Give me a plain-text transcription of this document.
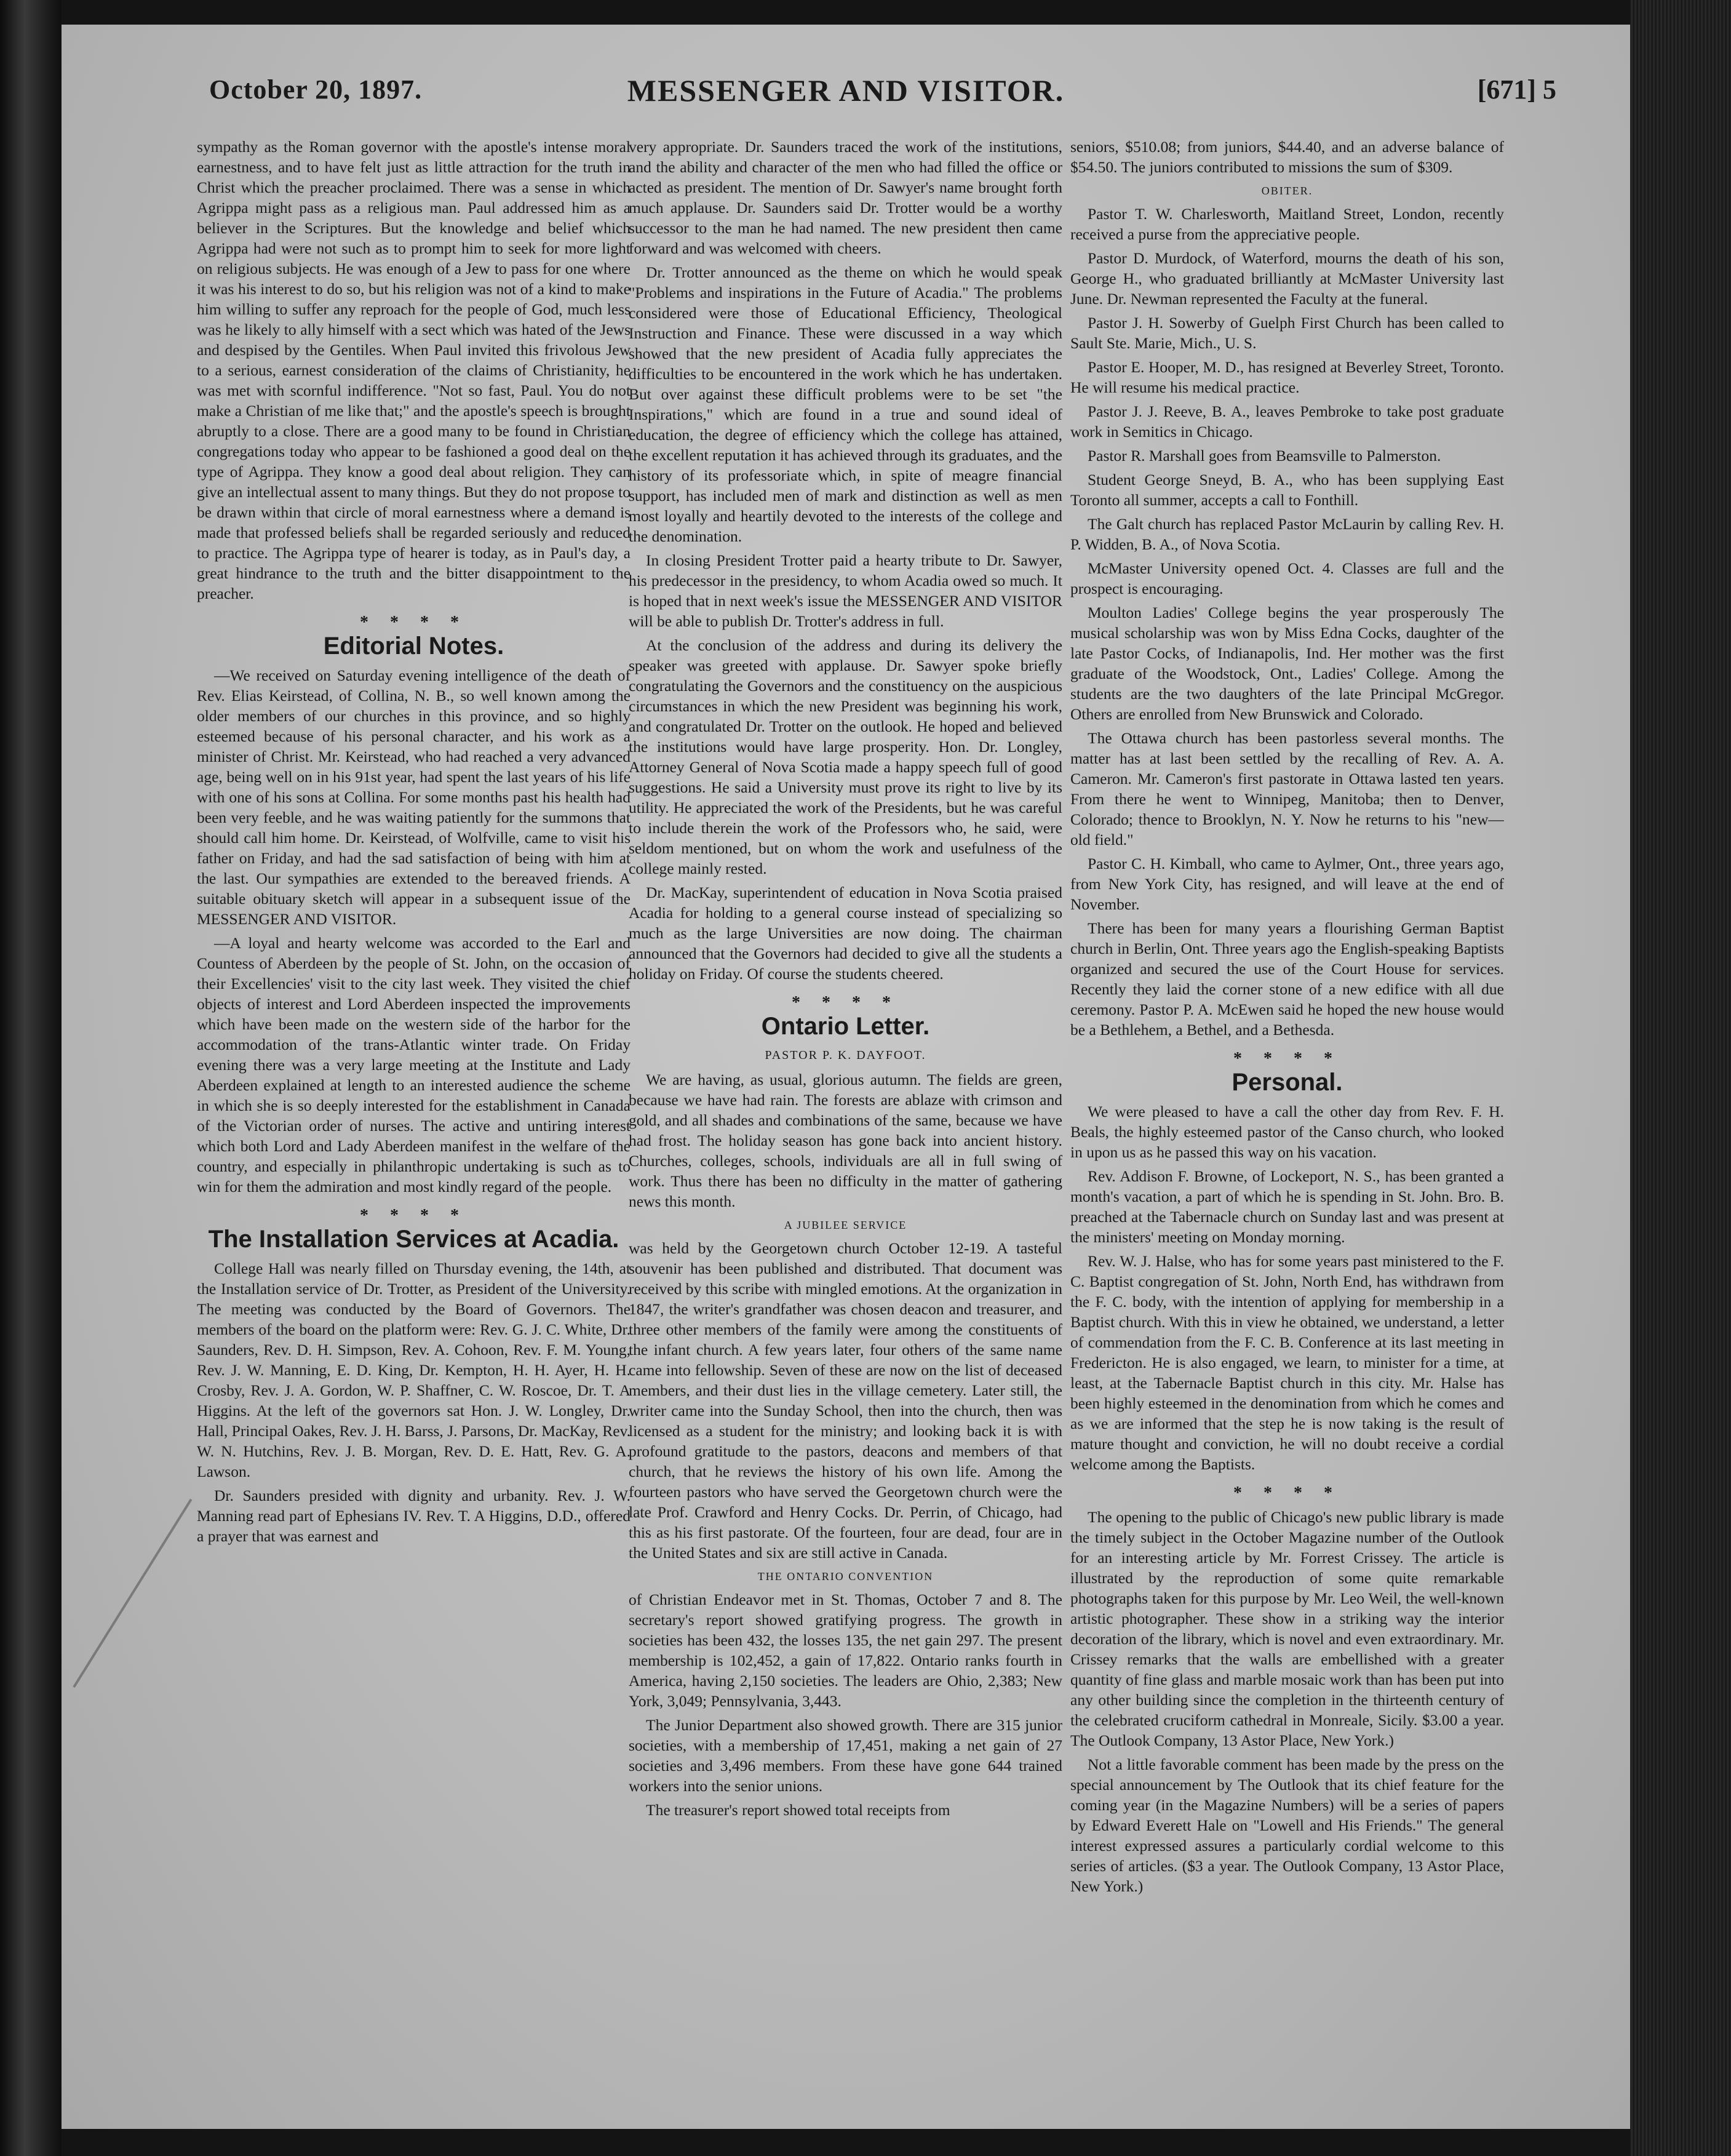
October 20, 1897.	MESSENGER AND VISITOR.	[671] 5

sympathy as the Roman governor with the apostle's intense moral earnestness, and to have felt just as little attraction for the truth in Christ which the preacher proclaimed. There was a sense in which Agrippa might pass as a religious man. Paul addressed him as a believer in the Scriptures. But the knowledge and belief which Agrippa had were not such as to prompt him to seek for more light on religious subjects. He was enough of a Jew to pass for one where it was his interest to do so, but his religion was not of a kind to make him willing to suffer any reproach for the people of God, much less was he likely to ally himself with a sect which was hated of the Jews and despised by the Gentiles. When Paul invited this frivolous Jew to a serious, earnest consideration of the claims of Christianity, he was met with scornful indifference. "Not so fast, Paul. You do not make a Christian of me like that;" and the apostle's speech is brought abruptly to a close. There are a good many to be found in Christian congregations today who appear to be fashioned a good deal on the type of Agrippa. They know a good deal about religion. They can give an intellectual assent to many things. But they do not propose to be drawn within that circle of moral earnestness where a demand is made that professed beliefs shall be regarded seriously and reduced to practice. The Agrippa type of hearer is today, as in Paul's day, a great hindrance to the truth and the bitter disappointment to the preacher.

* * * *
Editorial Notes.

—We received on Saturday evening intelligence of the death of Rev. Elias Keirstead, of Collina, N. B., so well known among the older members of our churches in this province, and so highly esteemed because of his personal character, and his work as a minister of Christ. Mr. Keirstead, who had reached a very advanced age, being well on in his 91st year, had spent the last years of his life with one of his sons at Collina. For some months past his health had been very feeble, and he was waiting patiently for the summons that should call him home. Dr. Keirstead, of Wolfville, came to visit his father on Friday, and had the sad satisfaction of being with him at the last. Our sympathies are extended to the bereaved friends. A suitable obituary sketch will appear in a subsequent issue of the MESSENGER AND VISITOR.

—A loyal and hearty welcome was accorded to the Earl and Countess of Aberdeen by the people of St. John, on the occasion of their Excellencies' visit to the city last week. They visited the chief objects of interest and Lord Aberdeen inspected the improvements which have been made on the western side of the harbor for the accommodation of the trans-Atlantic winter trade. On Friday evening there was a very large meeting at the Institute and Lady Aberdeen explained at length to an interested audience the scheme in which she is so deeply interested for the establishment in Canada of the Victorian order of nurses. The active and untiring interest which both Lord and Lady Aberdeen manifest in the welfare of the country, and especially in philanthropic undertaking is such as to win for them the admiration and most kindly regard of the people.

* * * *
The Installation Services at Acadia.

College Hall was nearly filled on Thursday evening, the 14th, at the Installation service of Dr. Trotter, as President of the University. The meeting was conducted by the Board of Governors. The members of the board on the platform were: Rev. G. J. C. White, Dr. Saunders, Rev. D. H. Simpson, Rev. A. Cohoon, Rev. F. M. Young, Rev. J. W. Manning, E. D. King, Dr. Kempton, H. H. Ayer, H. H. Crosby, Rev. J. A. Gordon, W. P. Shaffner, C. W. Roscoe, Dr. T. A Higgins. At the left of the governors sat Hon. J. W. Longley, Dr. Hall, Principal Oakes, Rev. J. H. Barss, J. Parsons, Dr. MacKay, Rev. W. N. Hutchins, Rev. J. B. Morgan, Rev. D. E. Hatt, Rev. G. A. Lawson.

Dr. Saunders presided with dignity and urbanity. Rev. J. W. Manning read part of Ephesians IV. Rev. T. A Higgins, D.D., offered a prayer that was earnest and

very appropriate. Dr. Saunders traced the work of the institutions, and the ability and character of the men who had filled the office or acted as president. The mention of Dr. Sawyer's name brought forth much applause. Dr. Saunders said Dr. Trotter would be a worthy successor to the man he had named. The new president then came forward and was welcomed with cheers.

Dr. Trotter announced as the theme on which he would speak "Problems and inspirations in the Future of Acadia." The problems considered were those of Educational Efficiency, Theological Instruction and Finance. These were discussed in a way which showed that the new president of Acadia fully appreciates the difficulties to be encountered in the work which he has undertaken. But over against these difficult problems were to be set "the Inspirations," which are found in a true and sound ideal of education, the degree of efficiency which the college has attained, the excellent reputation it has achieved through its graduates, and the history of its professoriate which, in spite of meagre financial support, has included men of mark and distinction as well as men most loyally and heartily devoted to the interests of the college and the denomination.

In closing President Trotter paid a hearty tribute to Dr. Sawyer, his predecessor in the presidency, to whom Acadia owed so much. It is hoped that in next week's issue the MESSENGER AND VISITOR will be able to publish Dr. Trotter's address in full.

At the conclusion of the address and during its delivery the speaker was greeted with applause. Dr. Sawyer spoke briefly congratulating the Governors and the constituency on the auspicious circumstances in which the new President was beginning his work, and congratulated Dr. Trotter on the outlook. He hoped and believed the institutions would have large prosperity. Hon. Dr. Longley, Attorney General of Nova Scotia made a happy speech full of good suggestions. He said a University must prove its right to live by its utility. He appreciated the work of the Presidents, but he was careful to include therein the work of the Professors who, he said, were seldom mentioned, but on whom the work and usefulness of the college mainly rested.

Dr. MacKay, superintendent of education in Nova Scotia praised Acadia for holding to a general course instead of specializing so much as the large Universities are now doing. The chairman announced that the Governors had decided to give all the students a holiday on Friday. Of course the students cheered.

* * * *
Ontario Letter.
PASTOR P. K. DAYFOOT.

We are having, as usual, glorious autumn. The fields are green, because we have had rain. The forests are ablaze with crimson and gold, and all shades and combinations of the same, because we have had frost. The holiday season has gone back into ancient history. Churches, colleges, schools, individuals are all in full swing of work. Thus there has been no difficulty in the matter of gathering news this month.

A JUBILEE SERVICE

was held by the Georgetown church October 12-19. A tasteful souvenir has been published and distributed. That document was received by this scribe with mingled emotions. At the organization in 1847, the writer's grandfather was chosen deacon and treasurer, and three other members of the family were among the constituents of the infant church. A few years later, four others of the same name came into fellowship. Seven of these are now on the list of deceased members, and their dust lies in the village cemetery. Later still, the writer came into the Sunday School, then into the church, then was licensed as a student for the ministry; and looking back it is with profound gratitude to the pastors, deacons and members of that church, that he reviews the history of his own life. Among the fourteen pastors who have served the Georgetown church were the late Prof. Crawford and Henry Cocks. Dr. Perrin, of Chicago, had this as his first pastorate. Of the fourteen, four are dead, four are in the United States and six are still active in Canada.

THE ONTARIO CONVENTION

of Christian Endeavor met in St. Thomas, October 7 and 8. The secretary's report showed gratifying progress. The growth in societies has been 432, the losses 135, the net gain 297. The present membership is 102,452, a gain of 17,822. Ontario ranks fourth in America, having 2,150 societies. The leaders are Ohio, 2,383; New York, 3,049; Pennsylvania, 3,443.

The Junior Department also showed growth. There are 315 junior societies, with a membership of 17,451, making a net gain of 27 societies and 3,496 members. From these have gone 644 trained workers into the senior unions.

The treasurer's report showed total receipts from

seniors, $510.08; from juniors, $44.40, and an adverse balance of $54.50. The juniors contributed to missions the sum of $309.

OBITER.

Pastor T. W. Charlesworth, Maitland Street, London, recently received a purse from the appreciative people.

Pastor D. Murdock, of Waterford, mourns the death of his son, George H., who graduated brilliantly at McMaster University last June. Dr. Newman represented the Faculty at the funeral.

Pastor J. H. Sowerby of Guelph First Church has been called to Sault Ste. Marie, Mich., U. S.

Pastor E. Hooper, M. D., has resigned at Beverley Street, Toronto. He will resume his medical practice.

Pastor J. J. Reeve, B. A., leaves Pembroke to take post graduate work in Semitics in Chicago.

Pastor R. Marshall goes from Beamsville to Palmerston.

Student George Sneyd, B. A., who has been supplying East Toronto all summer, accepts a call to Fonthill.

The Galt church has replaced Pastor McLaurin by calling Rev. H. P. Widden, B. A., of Nova Scotia.

McMaster University opened Oct. 4. Classes are full and the prospect is encouraging.

Moulton Ladies' College begins the year prosperously The musical scholarship was won by Miss Edna Cocks, daughter of the late Pastor Cocks, of Indianapolis, Ind. Her mother was the first graduate of the Woodstock, Ont., Ladies' College. Among the students are the two daughters of the late Principal McGregor. Others are enrolled from New Brunswick and Colorado.

The Ottawa church has been pastorless several months. The matter has at last been settled by the recalling of Rev. A. A. Cameron. Mr. Cameron's first pastorate in Ottawa lasted ten years. From there he went to Winnipeg, Manitoba; then to Denver, Colorado; thence to Brooklyn, N. Y. Now he returns to his "new—old field."

Pastor C. H. Kimball, who came to Aylmer, Ont., three years ago, from New York City, has resigned, and will leave at the end of November.

There has been for many years a flourishing German Baptist church in Berlin, Ont. Three years ago the English-speaking Baptists organized and secured the use of the Court House for services. Recently they laid the corner stone of a new edifice with all due ceremony. Pastor P. A. McEwen said he hoped the new house would be a Bethlehem, a Bethel, and a Bethesda.

* * * *
Personal.

We were pleased to have a call the other day from Rev. F. H. Beals, the highly esteemed pastor of the Canso church, who looked in upon us as he passed this way on his vacation.

Rev. Addison F. Browne, of Lockeport, N. S., has been granted a month's vacation, a part of which he is spending in St. John. Bro. B. preached at the Tabernacle church on Sunday last and was present at the ministers' meeting on Monday morning.

Rev. W. J. Halse, who has for some years past ministered to the F. C. Baptist congregation of St. John, North End, has withdrawn from the F. C. body, with the intention of applying for membership in a Baptist church. With this in view he obtained, we understand, a letter of commendation from the F. C. B. Conference at its last meeting in Fredericton. He is also engaged, we learn, to minister for a time, at least, at the Tabernacle Baptist church in this city. Mr. Halse has been highly esteemed in the denomination from which he comes and as we are informed that the step he is now taking is the result of mature thought and conviction, he will no doubt receive a cordial welcome among the Baptists.

* * * *

The opening to the public of Chicago's new public library is made the timely subject in the October Magazine number of the Outlook for an interesting article by Mr. Forrest Crissey. The article is illustrated by the reproduction of some quite remarkable photographs taken for this purpose by Mr. Leo Weil, the well-known artistic photographer. These show in a striking way the interior decoration of the library, which is novel and even extraordinary. Mr. Crissey remarks that the walls are embellished with a greater quantity of fine glass and marble mosaic work than has been put into any other building since the completion in the thirteenth century of the celebrated cruciform cathedral in Monreale, Sicily. $3.00 a year. The Outlook Company, 13 Astor Place, New York.)

Not a little favorable comment has been made by the press on the special announcement by The Outlook that its chief feature for the coming year (in the Magazine Numbers) will be a series of papers by Edward Everett Hale on "Lowell and His Friends." The general interest expressed assures a particularly cordial welcome to this series of articles. ($3 a year. The Outlook Company, 13 Astor Place, New York.)
